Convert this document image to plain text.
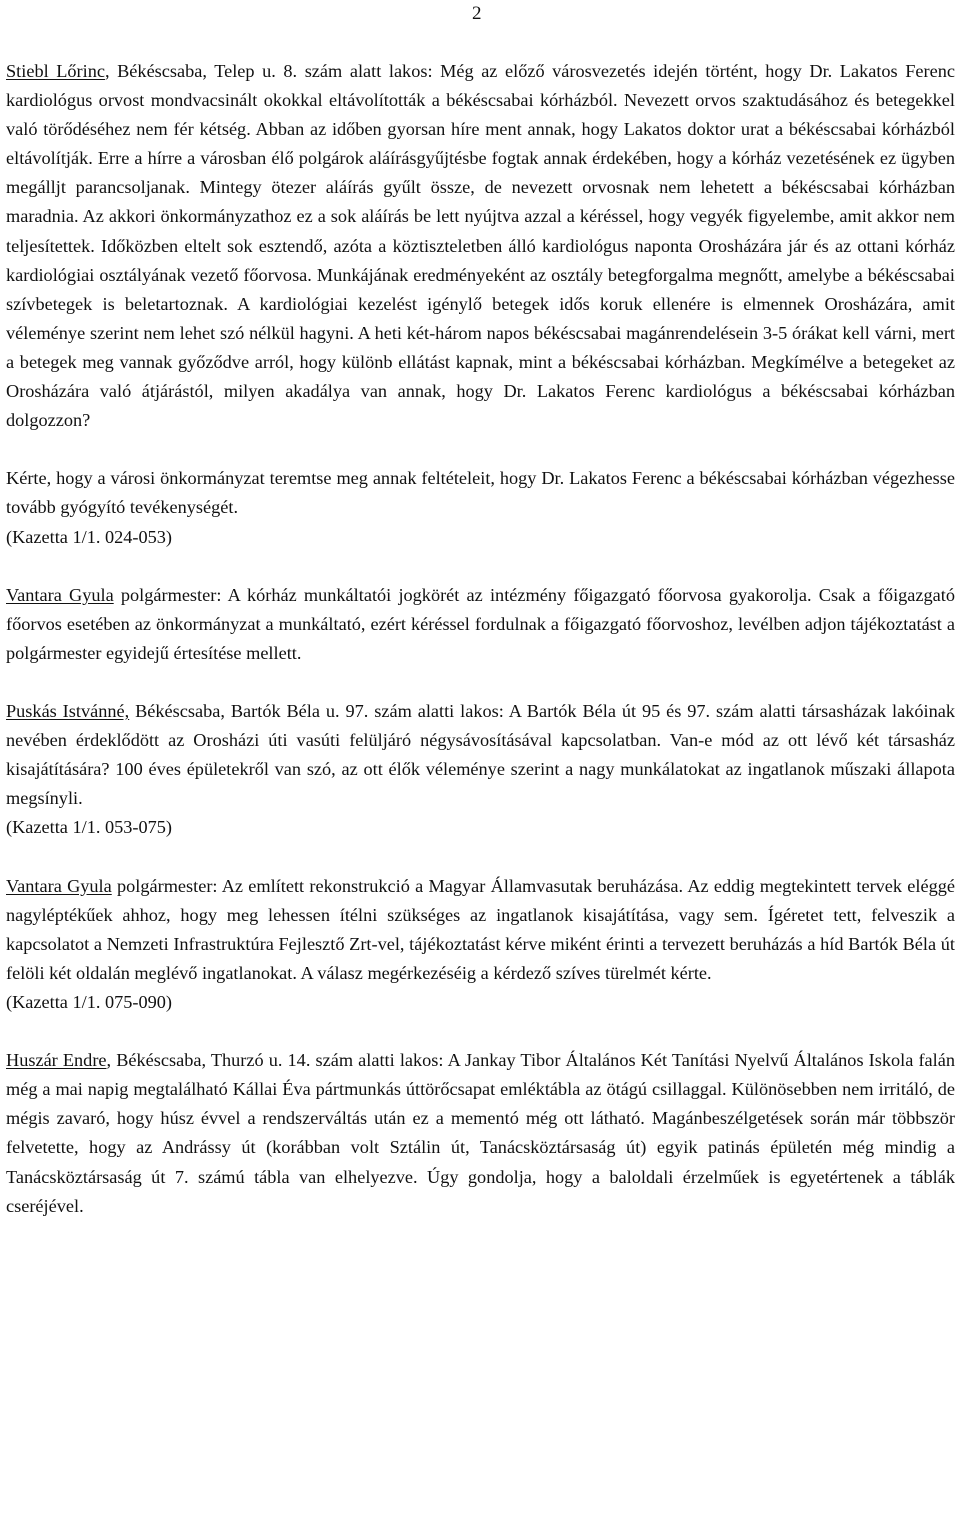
2

Stiebl Lőrinc, Békéscsaba, Telep u. 8. szám alatt lakos: Még az előző városvezetés idején történt, hogy Dr. Lakatos Ferenc kardiológus orvost mondvacsinált okokkal eltávolították a békéscsabai kórházból. Nevezett orvos szaktudásához és betegekkel való törődéséhez nem fér kétség. Abban az időben gyorsan híre ment annak, hogy Lakatos doktor urat a békéscsabai kórházból eltávolítják. Erre a hírre a városban élő polgárok aláírásgyűjtésbe fogtak annak érdekében, hogy a kórház vezetésének ez ügyben megálljt parancsoljanak. Mintegy ötezer aláírás gyűlt össze, de nevezett orvosnak nem lehetett a békéscsabai kórházban maradnia. Az akkori önkormányzathoz ez a sok aláírás be lett nyújtva azzal a kéréssel, hogy vegyék figyelembe, amit akkor nem teljesítettek. Időközben eltelt sok esztendő, azóta a köztiszteletben álló kardiológus naponta Orosházára jár és az ottani kórház kardiológiai osztályának vezető főorvosa. Munkájának eredményeként az osztály betegforgalma megnőtt, amelybe a békéscsabai szívbetegek is beletartoznak. A kardiológiai kezelést igénylő betegek idős koruk ellenére is elmennek Orosházára, amit véleménye szerint nem lehet szó nélkül hagyni. A heti két-három napos békéscsabai magánrendelésein 3-5 órákat kell várni, mert a betegek meg vannak győződve arról, hogy különb ellátást kapnak, mint a békéscsabai kórházban. Megkímélve a betegeket az Orosházára való átjárástól, milyen akadálya van annak, hogy Dr. Lakatos Ferenc kardiológus a békéscsabai kórházban dolgozzon?

Kérte, hogy a városi önkormányzat teremtse meg annak feltételeit, hogy Dr. Lakatos Ferenc a békéscsabai kórházban végezhesse tovább gyógyító tevékenységét.
(Kazetta 1/1. 024-053)

Vantara Gyula polgármester: A kórház munkáltatói jogkörét az intézmény főigazgató főorvosa gyakorolja. Csak a főigazgató főorvos esetében az önkormányzat a munkáltató, ezért kéréssel fordulnak a főigazgató főorvoshoz, levélben adjon tájékoztatást a polgármester egyidejű értesítése mellett.

Puskás Istvánné, Békéscsaba, Bartók Béla u. 97. szám alatti lakos: A Bartók Béla út 95 és 97. szám alatti társasházak lakóinak nevében érdeklődött az Orosházi úti vasúti felüljáró négysávosításával kapcsolatban. Van-e mód az ott lévő két társasház kisajátítására? 100 éves épületekről van szó, az ott élők véleménye szerint a nagy munkálatokat az ingatlanok műszaki állapota megsínyli.
(Kazetta 1/1. 053-075)

Vantara Gyula polgármester: Az említett rekonstrukció a Magyar Államvasutak beruházása. Az eddig megtekintett tervek eléggé nagyléptékűek ahhoz, hogy meg lehessen ítélni szükséges az ingatlanok kisajátítása, vagy sem. Ígéretet tett, felveszik a kapcsolatot a Nemzeti Infrastruktúra Fejlesztő Zrt-vel, tájékoztatást kérve miként érinti a tervezett beruházás a híd Bartók Béla út felöli két oldalán meglévő ingatlanokat. A válasz megérkezéséig a kérdező szíves türelmét kérte.
(Kazetta 1/1. 075-090)

Huszár Endre, Békéscsaba, Thurzó u. 14. szám alatti lakos: A Jankay Tibor Általános Két Tanítási Nyelvű Általános Iskola falán még a mai napig megtalálható Kállai Éva pártmunkás úttörőcsapat emléktábla az ötágú csillaggal. Különösebben nem irritáló, de mégis zavaró, hogy húsz évvel a rendszerváltás után ez a mementó még ott látható. Magánbeszélgetések során már többször felvetette, hogy az Andrássy út (korábban volt Sztálin út, Tanácsköztársaság út) egyik patinás épületén még mindig a Tanácsköztársaság út 7. számú tábla van elhelyezve. Úgy gondolja, hogy a baloldali érzelműek is egyetértenek a táblák cseréjével.
